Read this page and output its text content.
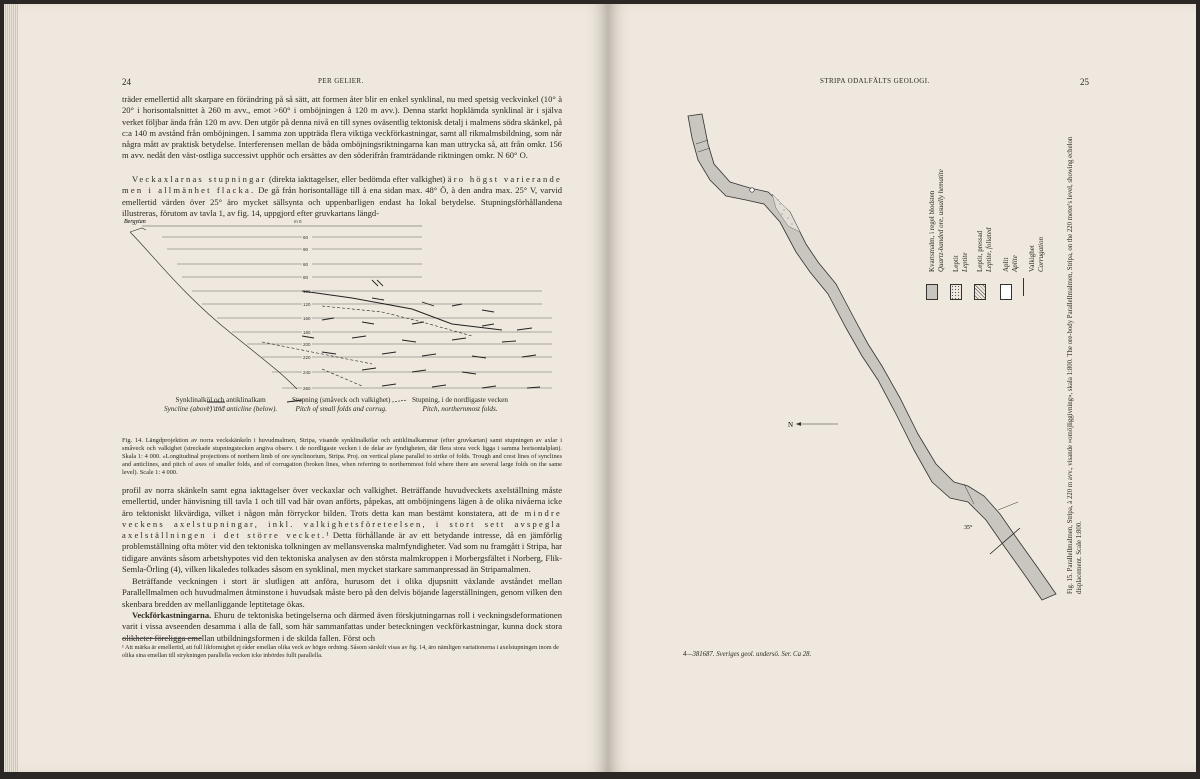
24	PER GELIER.

träder emellertid allt skarpare en förändring på så sätt, att formen åter blir en enkel synklinal, nu med spetsig veckvinkel (10° à 20° i horisontalsnittet à 260 m avv., emot >60° i omböjningen à 120 m avv.). Denna starkt hopklämda synklinal är i själva verket följbar ända från 120 m avv. Den utgör på denna nivå en till synes oväsentlig tektonisk detalj i malmens södra skänkel, på c:a 140 m avstånd från omböjningen. I samma zon uppträda flera viktiga veckförkastningar, samt all rikmalmsbildning, som når några mått av praktisk betydelse. Interferensen mellan de båda omböjningsriktningarna kan man uttrycka så, att från omkr. 156 m avv. nedåt den väst-ostliga successivt upphör och ersättes av den söderifrån framträdande riktningen omkr. N 60° O.

Veckaxlarnas stupningar (direkta iakttagelser, eller bedömda efter valkighet) äro högst varierande men i allmänhet flacka. De gå från horisontalläge till à ena sidan max. 48° Ö, à den andra max. 25° V, varvid emellertid värden över 25° äro mycket sällsynta och uppenbarligen endast ha lokal betydelse. Stupningsförhållandena illustreras, förutom av tavla 1, av fig. 14, uppgjord efter gruvkartans längd-

Bergytan	m 0
60
90
60
80
100
120
160
180
200
220
240
260
Synklinalköl och antiklinalkam
Syncline (above) and anticline (below).
Stupning (småveck och valkighet)
Pitch of small folds and corrug.
Stupning, i de nordligaste vecken
Pitch, northernmost folds.

Fig. 14. Längdprojektion av norra veckskänkeln i huvudmalmen, Stripa, visande synklinalkölar och antiklinalkammar (efter gruvkartan) samt stupningen av axlar i småveck och valkighet (streckade stupningstecken angiva observ. i de nordligaste vecken i de delar av fyndigheten, där flera stora veck ligga i samma horisontalplan). Skala 1: 4 000. »Longitudinal projections of northern limb of ore synclinorium, Stripa. Proj. on vertical plane parallel to strike of folds. Trough and crest lines of synclines and anticlines, and pitch of axes of smaller folds, and of corrugation (broken lines, when referring to northernmost fold where there are several large folds on the same level). Scale 1: 4 000.

profil av norra skänkeln samt egna iakttagelser över veckaxlar och valkighet. Beträffande huvudveckets axelställning måste emellertid, under hänvisning till tavla 1 och till vad här ovan anförts, påpekas, att omböjningens lägen à de olika nivåerna icke äro tektoniskt likvärdiga, vilket i någon mån förryckor bilden. Trots detta kan man bestämt konstatera, att de mindre veckens axelstupningar, inkl. valkighetsföreteelsen, i stort sett avspegla axelställningen i det större vecket.¹ Detta förhållande är av ett betydande intresse, då en jämförlig problemställning ofta möter vid den tektoniska tolkningen av mellansvenska malmfyndigheter. Vad som nu framgått i Stripa, har tidigare använts såsom arbetshypotes vid den tektoniska analysen av den största malmkroppen i Morbergsfältet i Norberg, Flik-Semla-Örling (4), vilken likaledes tolkades såsom en synklinal, men mycket starkare sammanpressad än Stripamalmen.

Beträffande veckningen i stort är slutligen att anföra, hurusom det i olika djupsnitt växlande avståndet mellan Parallellmalmen och huvudmalmen åtminstone i huvudsak måste bero på den delvis böjande lagerställningen, genom vilken den skenbara bredden av mellanliggande leptitetage ökas.

Veckförkastningarna. Ehuru de tektoniska betingelserna och därmed även förskjutningarnas roll i veckningsdeformationen varit i vissa avseenden desamma i alla de fall, som här sammanfattas under beteckningen veckförkastningar, kunna dock stora olikheter föreligga emellan utbildningsformen i de skilda fallen. Först och

¹ Att märka är emellertid, att full likformighet ej råder emellan olika veck av högre ordning. Såsom särskilt visas av fig. 14, äro nämligen variationerna i axelstupningen inom de olika sina emellan till strykningen parallella vecken icke inbördes fullt parallella.

STRIPA ODALFÄLTS GEOLOGI.	25
35°
N
Kvartsmalm, i regel blodsten
Quartz-banded ore, usually hematite Leptit
Leptite Leptit, pressad
Leptite, foliated Aplit
Aplite Valkighet
Corrugation	Fig. 15. Parallellmalmen, Stripa, à 220 m avv., visande »omöjliggivning», skala 1:800. The ore-body Parallellmalmen, Stripa, on the 220 meter's level, showing echelon displacement. Scale 1:800.
4—381687. Sveriges geol. undersö. Ser. Ca 28.
